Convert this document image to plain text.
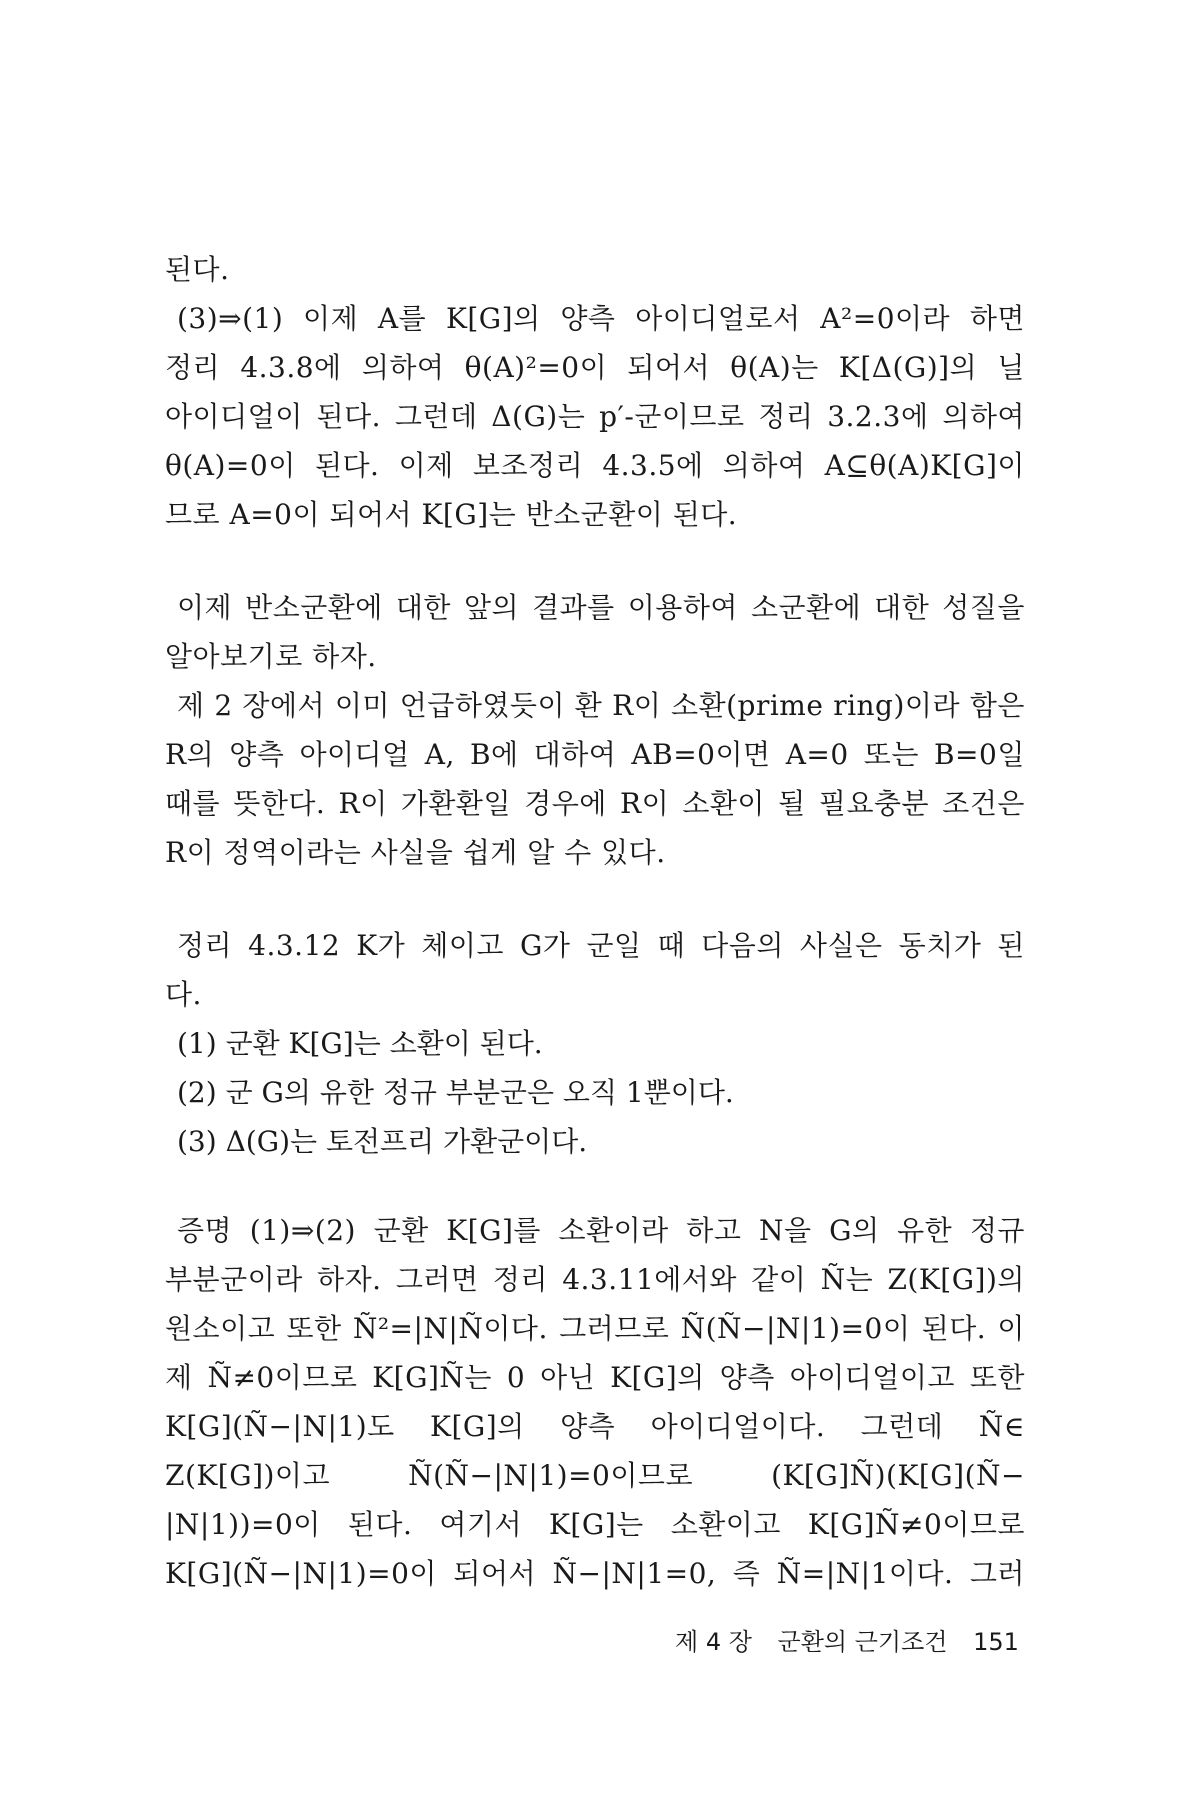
된다.
(3)⇒(1) 이제 A를 K[G]의 양측 아이디얼로서 A²=0이라 하면
정리 4.3.8에 의하여 θ(A)²=0이 되어서 θ(A)는 K[Δ(G)]의 닐
아이디얼이 된다. 그런데 Δ(G)는 p′-군이므로 정리 3.2.3에 의하여
θ(A)=0이 된다. 이제 보조정리 4.3.5에 의하여 A⊆θ(A)K[G]이
므로 A=0이 되어서 K[G]는 반소군환이 된다.
이제 반소군환에 대한 앞의 결과를 이용하여 소군환에 대한 성질을
알아보기로 하자.
제 2 장에서 이미 언급하였듯이 환 R이 소환(prime ring)이라 함은
R의 양측 아이디얼 A, B에 대하여 AB=0이면 A=0 또는 B=0일
때를 뜻한다. R이 가환환일 경우에 R이 소환이 될 필요충분 조건은
R이 정역이라는 사실을 쉽게 알 수 있다.
정리 4.3.12 K가 체이고 G가 군일 때 다음의 사실은 동치가 된
다.
(1) 군환 K[G]는 소환이 된다.
(2) 군 G의 유한 정규 부분군은 오직 1뿐이다.
(3) Δ(G)는 토전프리 가환군이다.
증명 (1)⇒(2) 군환 K[G]를 소환이라 하고 N을 G의 유한 정규
부분군이라 하자. 그러면 정리 4.3.11에서와 같이 Ñ는 Z(K[G])의
원소이고 또한 Ñ²=|N|Ñ이다. 그러므로 Ñ(Ñ−|N|1)=0이 된다. 이
제 Ñ≠0이므로 K[G]Ñ는 0 아닌 K[G]의 양측 아이디얼이고 또한
K[G](Ñ−|N|1)도 K[G]의 양측 아이디얼이다. 그런데 Ñ∈
Z(K[G])이고	Ñ(Ñ−|N|1)=0이므로	(K[G]Ñ)(K[G](Ñ−
|N|1))=0이 된다. 여기서 K[G]는 소환이고 K[G]Ñ≠0이므로
K[G](Ñ−|N|1)=0이 되어서 Ñ−|N|1=0, 즉 Ñ=|N|1이다. 그러
제 4 장 군환의 근기조건 151
